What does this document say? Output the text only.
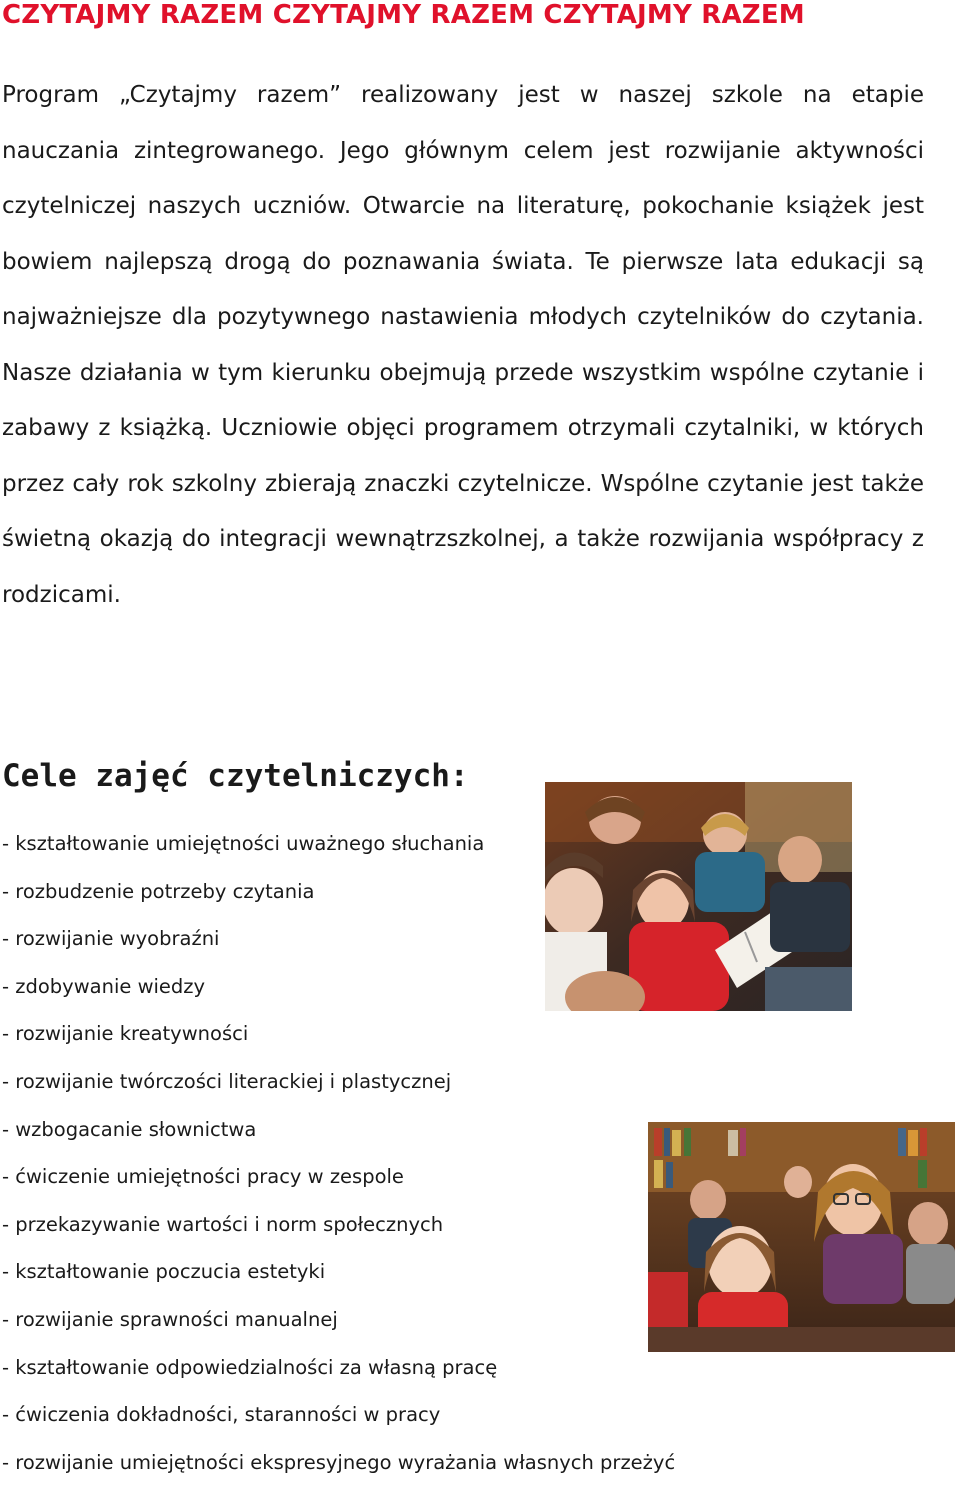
CZYTAJMY RAZEM CZYTAJMY RAZEM CZYTAJMY RAZEM

Program „Czytajmy razem” realizowany jest w naszej szkole na etapie nauczania zintegrowanego. Jego głównym celem jest rozwijanie aktywności czytelniczej naszych uczniów. Otwarcie na literaturę, pokochanie książek jest bowiem najlepszą drogą do poznawania świata. Te pierwsze lata edukacji są najważniejsze dla pozytywnego nastawienia młodych czytelników do czytania. Nasze działania w tym kierunku obejmują przede wszystkim wspólne czytanie i zabawy z książką. Uczniowie objęci programem otrzymali czytalniki, w których przez cały rok szkolny zbierają znaczki czytelnicze. Wspólne czytanie jest także świetną okazją do integracji wewnątrzszkolnej, a także rozwijania współpracy z rodzicami.

Cele zajęć czytelniczych:
- kształtowanie umiejętności uważnego słuchania
- rozbudzenie potrzeby czytania
- rozwijanie wyobraźni
- zdobywanie wiedzy
- rozwijanie kreatywności
- rozwijanie twórczości literackiej i plastycznej
- wzbogacanie słownictwa
- ćwiczenie umiejętności pracy w zespole
- przekazywanie wartości i norm społecznych
- kształtowanie poczucia estetyki
- rozwijanie sprawności manualnej
- kształtowanie odpowiedzialności za własną pracę
- ćwiczenia dokładności, staranności w pracy
- rozwijanie umiejętności ekspresyjnego wyrażania własnych przeżyć
